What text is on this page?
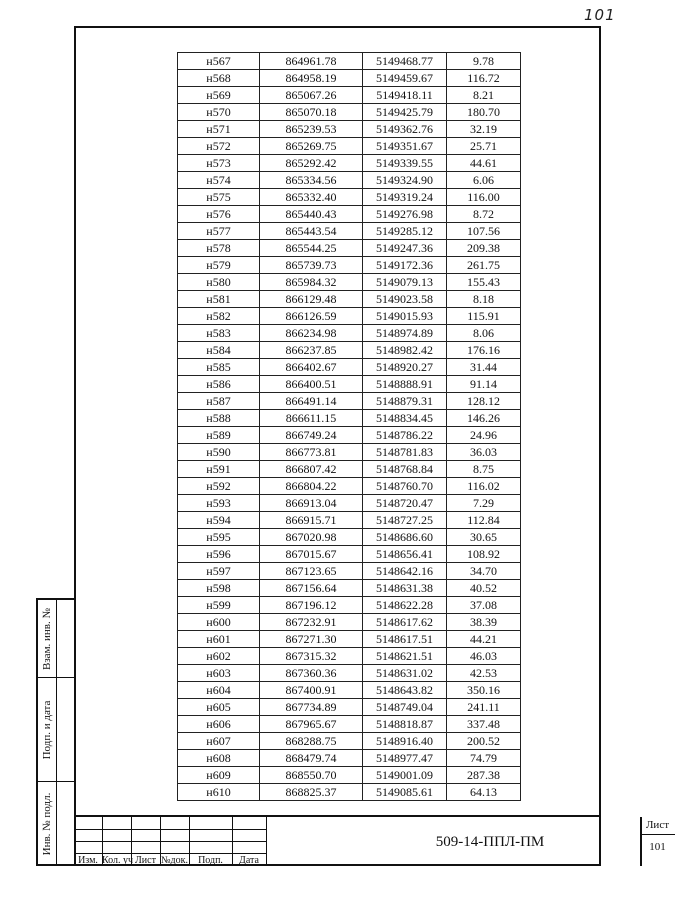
101
н567	864961.78	5149468.77	9.78
н568	864958.19	5149459.67	116.72
н569	865067.26	5149418.11	8.21
н570	865070.18	5149425.79	180.70
н571	865239.53	5149362.76	32.19
н572	865269.75	5149351.67	25.71
н573	865292.42	5149339.55	44.61
н574	865334.56	5149324.90	6.06
н575	865332.40	5149319.24	116.00
н576	865440.43	5149276.98	8.72
н577	865443.54	5149285.12	107.56
н578	865544.25	5149247.36	209.38
н579	865739.73	5149172.36	261.75
н580	865984.32	5149079.13	155.43
н581	866129.48	5149023.58	8.18
н582	866126.59	5149015.93	115.91
н583	866234.98	5148974.89	8.06
н584	866237.85	5148982.42	176.16
н585	866402.67	5148920.27	31.44
н586	866400.51	5148888.91	91.14
н587	866491.14	5148879.31	128.12
н588	866611.15	5148834.45	146.26
н589	866749.24	5148786.22	24.96
н590	866773.81	5148781.83	36.03
н591	866807.42	5148768.84	8.75
н592	866804.22	5148760.70	116.02
н593	866913.04	5148720.47	7.29
н594	866915.71	5148727.25	112.84
н595	867020.98	5148686.60	30.65
н596	867015.67	5148656.41	108.92
н597	867123.65	5148642.16	34.70
н598	867156.64	5148631.38	40.52
н599	867196.12	5148622.28	37.08
н600	867232.91	5148617.62	38.39
н601	867271.30	5148617.51	44.21
н602	867315.32	5148621.51	46.03
н603	867360.36	5148631.02	42.53
н604	867400.91	5148643.82	350.16
н605	867734.89	5148749.04	241.11
н606	867965.67	5148818.87	337.48
н607	868288.75	5148916.40	200.52
н608	868479.74	5148977.47	74.79
н609	868550.70	5149001.09	287.38
н610	868825.37	5149085.61	64.13
Взам. инв. №
Подп. и дата
Инв. № подл.
Изм. Кол. уч Лист №док.	Подп.	Дата
509-14-ППЛ-ПМ
Лист
101
